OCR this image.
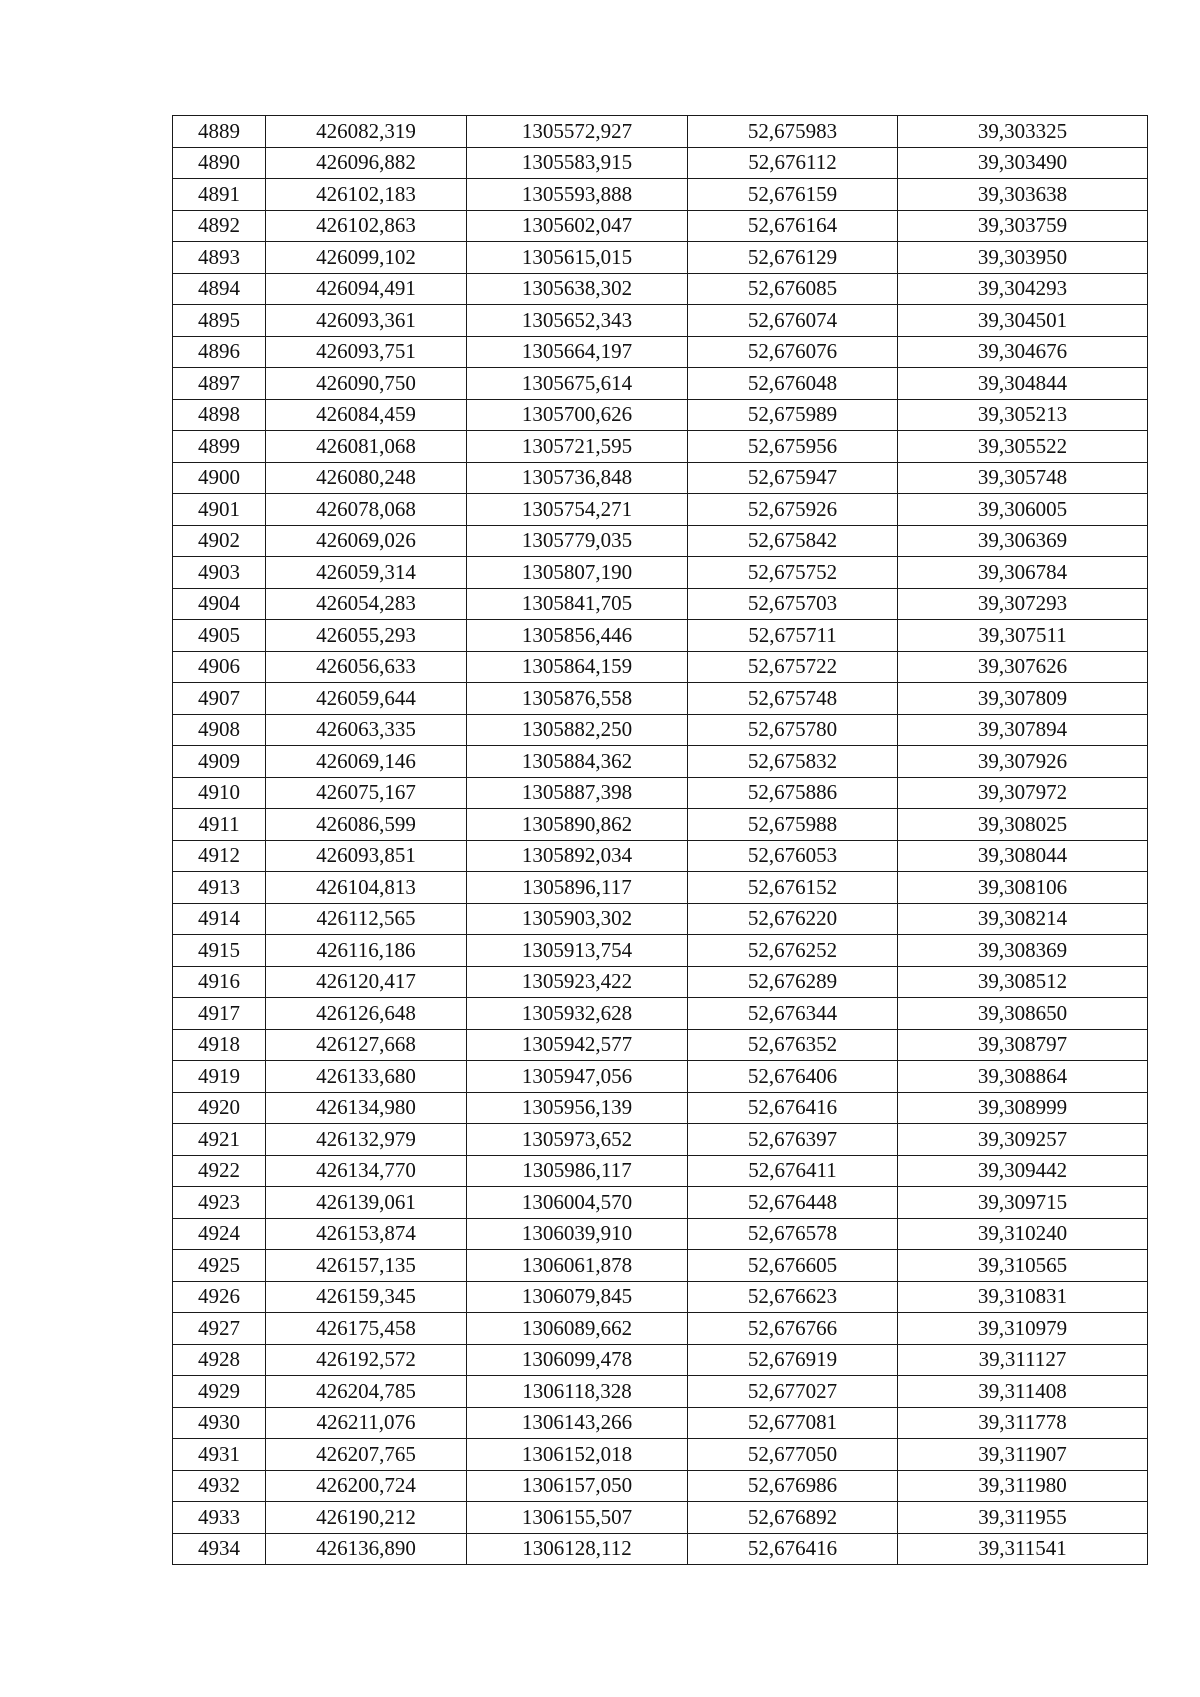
4889	426082,319	1305572,927	52,675983	39,303325
4890	426096,882	1305583,915	52,676112	39,303490
4891	426102,183	1305593,888	52,676159	39,303638
4892	426102,863	1305602,047	52,676164	39,303759
4893	426099,102	1305615,015	52,676129	39,303950
4894	426094,491	1305638,302	52,676085	39,304293
4895	426093,361	1305652,343	52,676074	39,304501
4896	426093,751	1305664,197	52,676076	39,304676
4897	426090,750	1305675,614	52,676048	39,304844
4898	426084,459	1305700,626	52,675989	39,305213
4899	426081,068	1305721,595	52,675956	39,305522
4900	426080,248	1305736,848	52,675947	39,305748
4901	426078,068	1305754,271	52,675926	39,306005
4902	426069,026	1305779,035	52,675842	39,306369
4903	426059,314	1305807,190	52,675752	39,306784
4904	426054,283	1305841,705	52,675703	39,307293
4905	426055,293	1305856,446	52,675711	39,307511
4906	426056,633	1305864,159	52,675722	39,307626
4907	426059,644	1305876,558	52,675748	39,307809
4908	426063,335	1305882,250	52,675780	39,307894
4909	426069,146	1305884,362	52,675832	39,307926
4910	426075,167	1305887,398	52,675886	39,307972
4911	426086,599	1305890,862	52,675988	39,308025
4912	426093,851	1305892,034	52,676053	39,308044
4913	426104,813	1305896,117	52,676152	39,308106
4914	426112,565	1305903,302	52,676220	39,308214
4915	426116,186	1305913,754	52,676252	39,308369
4916	426120,417	1305923,422	52,676289	39,308512
4917	426126,648	1305932,628	52,676344	39,308650
4918	426127,668	1305942,577	52,676352	39,308797
4919	426133,680	1305947,056	52,676406	39,308864
4920	426134,980	1305956,139	52,676416	39,308999
4921	426132,979	1305973,652	52,676397	39,309257
4922	426134,770	1305986,117	52,676411	39,309442
4923	426139,061	1306004,570	52,676448	39,309715
4924	426153,874	1306039,910	52,676578	39,310240
4925	426157,135	1306061,878	52,676605	39,310565
4926	426159,345	1306079,845	52,676623	39,310831
4927	426175,458	1306089,662	52,676766	39,310979
4928	426192,572	1306099,478	52,676919	39,311127
4929	426204,785	1306118,328	52,677027	39,311408
4930	426211,076	1306143,266	52,677081	39,311778
4931	426207,765	1306152,018	52,677050	39,311907
4932	426200,724	1306157,050	52,676986	39,311980
4933	426190,212	1306155,507	52,676892	39,311955
4934	426136,890	1306128,112	52,676416	39,311541
